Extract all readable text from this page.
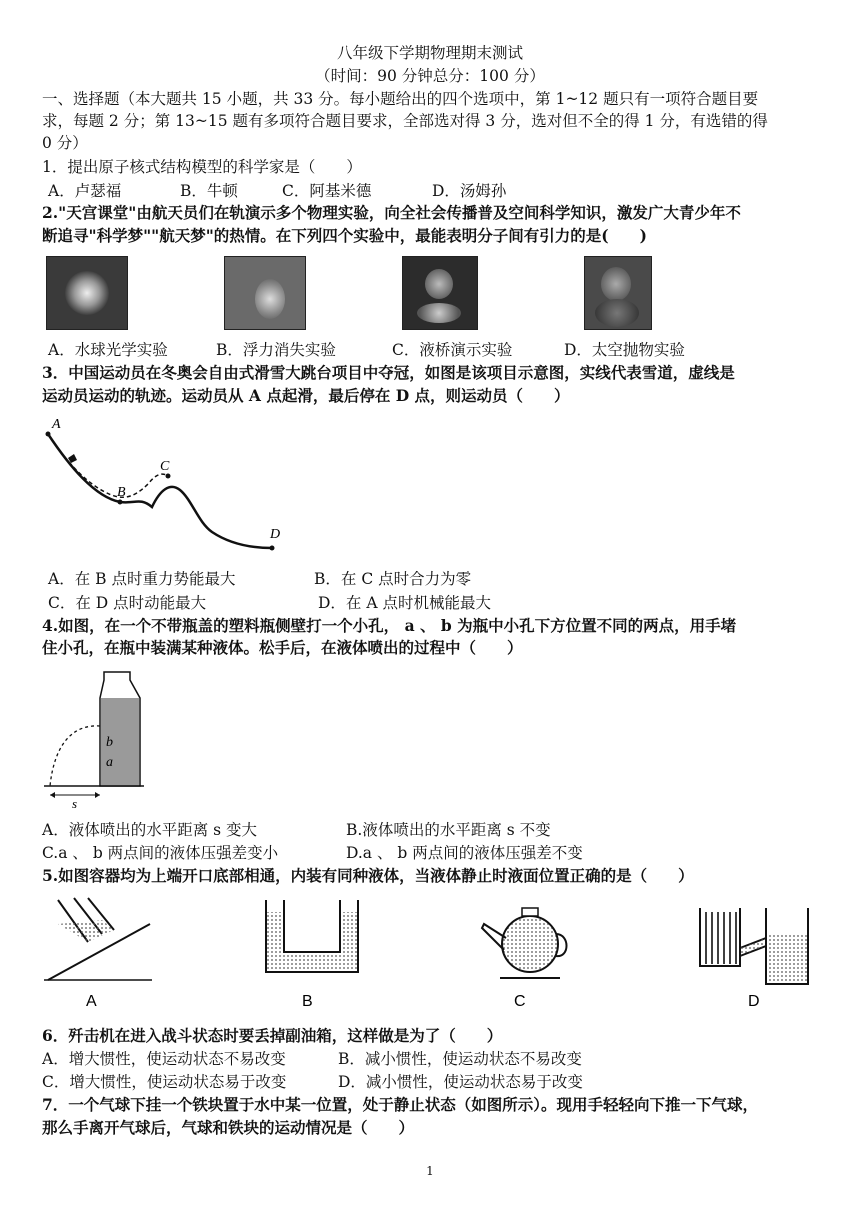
八年级下学期物理期末测试
（时间：90 分钟总分：100 分）
一、选择题（本大题共 15 小题，共 33 分。每小题给出的四个选项中，第 1~12 题只有一项符合题目要
求，每题 2 分；第 13~15 题有多项符合题目要求，全部选对得 3 分，选对但不全的得 1 分，有选错的得
0 分）
1．提出原子核式结构模型的科学家是（　　）
A．卢瑟福	B．牛顿	C．阿基米德	D．汤姆孙
2."天宫课堂"由航天员们在轨演示多个物理实验，向全社会传播普及空间科学知识，激发广大青少年不
断追寻"科学梦""航天梦"的热情。在下列四个实验中，最能表明分子间有引力的是(　　)
A．水球光学实验	B．浮力消失实验	C．液桥演示实验	D．太空抛物实验
3．中国运动员在冬奥会自由式滑雪大跳台项目中夺冠，如图是该项目示意图，实线代表雪道，虚线是
运动员运动的轨迹。运动员从 A 点起滑，最后停在 D 点，则运动员（　　）
A
B
C
D
A．在 B 点时重力势能最大	B．在 C 点时合力为零
C．在 D 点时动能最大	D．在 A 点时机械能最大
4.如图，在一个不带瓶盖的塑料瓶侧壁打一个小孔， a 、 b 为瓶中小孔下方位置不同的两点，用手堵
住小孔，在瓶中装满某种液体。松手后，在液体喷出的过程中（　　）
b
a
s
A．液体喷出的水平距离 s 变大	B.液体喷出的水平距离 s 不变
C.a 、 b 两点间的液体压强差变小	D.a 、 b 两点间的液体压强差不变
5.如图容器均为上端开口底部相通，内装有同种液体，当液体静止时液面位置正确的是（　　）
A	B	C	D
6．歼击机在进入战斗状态时要丢掉副油箱，这样做是为了（　　）
A．增大惯性，使运动状态不易改变	B．减小惯性，使运动状态不易改变
C．增大惯性，使运动状态易于改变	D．减小惯性，使运动状态易于改变
7．一个气球下挂一个铁块置于水中某一位置，处于静止状态（如图所示）。现用手轻轻向下推一下气球，
那么手离开气球后，气球和铁块的运动情况是（　　）
1
